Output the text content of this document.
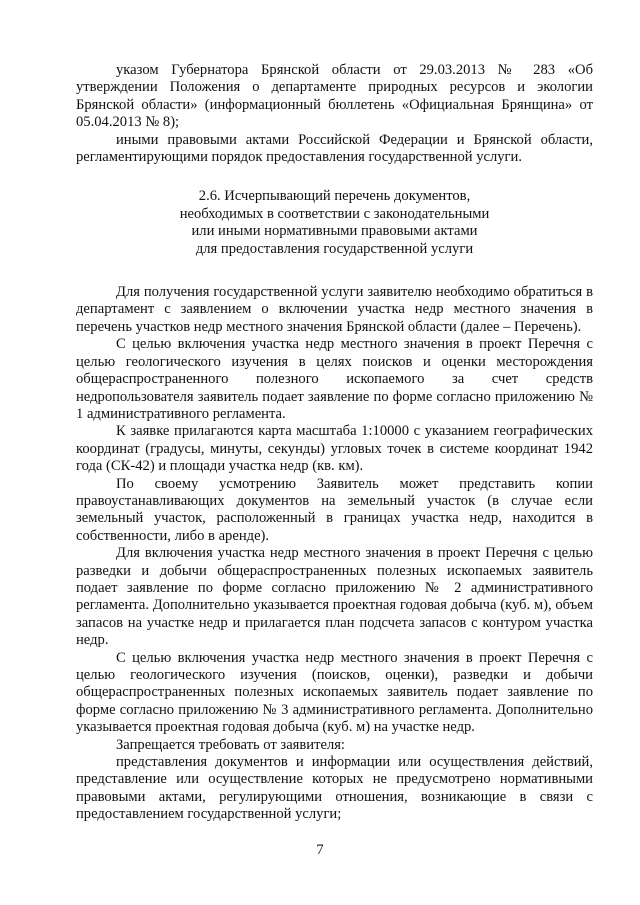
указом Губернатора Брянской области от 29.03.2013 № 283 «Об утверждении Положения о департаменте природных ресурсов и экологии Брянской области» (информационный бюллетень «Официальная Брянщина» от 05.04.2013 № 8);

иными правовыми актами Российской Федерации и Брянской области, регламентирующими порядок предоставления государственной услуги.

2.6. Исчерпывающий перечень документов,
необходимых в соответствии с законодательными
или иными нормативными правовыми актами
для предоставления государственной услуги

Для получения государственной услуги заявителю необходимо обратиться в департамент с заявлением о включении участка недр местного значения в перечень участков недр местного значения Брянской области (далее – Перечень).

С целью включения участка недр местного значения в проект Перечня с целью геологического изучения в целях поисков и оценки месторождения общераспространенного полезного ископаемого за счет средств недропользователя заявитель подает заявление по форме согласно приложению № 1 административного регламента.

К заявке прилагаются карта масштаба 1:10000 с указанием географических координат (градусы, минуты, секунды) угловых точек в системе координат 1942 года (СК-42) и площади участка недр (кв. км).

По своему усмотрению Заявитель может представить копии правоустанавливающих документов на земельный участок (в случае если земельный участок, расположенный в границах участка недр, находится в собственности, либо в аренде).

Для включения участка недр местного значения в проект Перечня с целью разведки и добычи общераспространенных полезных ископаемых заявитель подает заявление по форме согласно приложению № 2 административного регламента. Дополнительно указывается проектная годовая добыча (куб. м), объем запасов на участке недр и прилагается план подсчета запасов с контуром участка недр.

С целью включения участка недр местного значения в проект Перечня с целью геологического изучения (поисков, оценки), разведки и добычи общераспространенных полезных ископаемых заявитель подает заявление по форме согласно приложению № 3 административного регламента. Дополнительно указывается проектная годовая добыча (куб. м) на участке недр.

Запрещается требовать от заявителя:

представления документов и информации или осуществления действий, представление или осуществление которых не предусмотрено нормативными правовыми актами, регулирующими отношения, возникающие в связи с предоставлением государственной услуги;

7
